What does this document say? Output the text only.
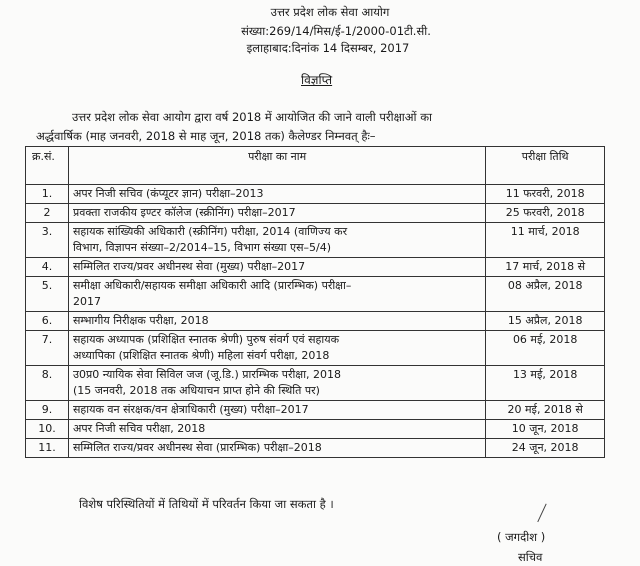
उत्तर प्रदेश लोक सेवा आयोग
संख्या:269/14/मिस/ई-1/2000-01टी.सी.
इलाहाबाद:दिनांक 14 दिसम्बर, 2017
विज्ञप्ति
उत्तर प्रदेश लोक सेवा आयोग द्वारा वर्ष 2018 में आयोजित की जाने वाली परीक्षाओं का
अर्द्धवार्षिक (माह जनवरी, 2018 से माह जून, 2018 तक) कैलेण्डर निम्नवत् हैः–
क्र.सं.	परीक्षा का नाम	परीक्षा तिथि
1.	अपर निजी सचिव (कंप्यूटर ज्ञान) परीक्षा–2013	11 फरवरी, 2018
2	प्रवक्ता राजकीय इण्टर कॉलेज (स्क्रीनिंग) परीक्षा–2017	25 फरवरी, 2018
3.	सहायक सांख्यिकी अधिकारी (स्क्रीनिंग) परीक्षा, 2014 (वाणिज्य कर
विभाग, विज्ञापन संख्या–2/2014–15, विभाग संख्या एस–5/4)	11 मार्च, 2018
4.	सम्मिलित राज्य/प्रवर अधीनस्थ सेवा (मुख्य) परीक्षा–2017	17 मार्च, 2018 से
5.	समीक्षा अधिकारी/सहायक समीक्षा अधिकारी आदि (प्रारम्भिक) परीक्षा–
2017	08 अप्रैल, 2018
6.	सम्भागीय निरीक्षक परीक्षा, 2018	15 अप्रैल, 2018
7.	सहायक अध्यापक (प्रशिक्षित स्नातक श्रेणी) पुरुष संवर्ग एवं सहायक
अध्यापिका (प्रशिक्षित स्नातक श्रेणी) महिला संवर्ग परीक्षा, 2018	06 मई, 2018
8.	उ0प्र0 न्यायिक सेवा सिविल जज (जू.डि.) प्रारम्भिक परीक्षा, 2018
(15 जनवरी, 2018 तक अधियाचन प्राप्त होने की स्थिति पर)	13 मई, 2018
9.	सहायक वन संरक्षक/वन क्षेत्राधिकारी (मुख्य) परीक्षा–2017	20 मई, 2018 से
10.	अपर निजी सचिव परीक्षा, 2018	10 जून, 2018
11.	सम्मिलित राज्य/प्रवर अधीनस्थ सेवा (प्रारम्भिक) परीक्षा–2018	24 जून, 2018
विशेष परिस्थितियों में तिथियों में परिवर्तन किया जा सकता है ।
( जगदीश )
सचिव
